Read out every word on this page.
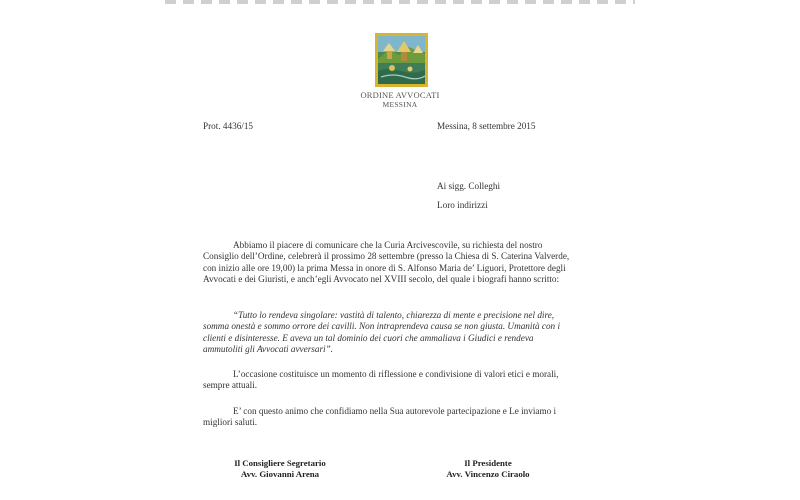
ORDINE AVVOCATI
MESSINA
Prot. 4436/15	Messina, 8 settembre 2015
Ai sigg. Colleghi
Loro indirizzi
Abbiamo il piacere di comunicare che la Curia Arcivescovile, su richiesta del nostro
Consiglio dell’Ordine, celebrerà il prossimo 28 settembre (presso la Chiesa di S. Caterina Valverde,
con inizio alle ore 19,00) la prima Messa in onore di S. Alfonso Maria de’ Liguori, Protettore degli
Avvocati e dei Giuristi, e anch’egli Avvocato nel XVIII secolo, del quale i biografi hanno scritto:
“Tutto lo rendeva singolare: vastità di talento, chiarezza di mente e precisione nel dire,
somma onestà e sommo orrore dei cavilli. Non intraprendeva causa se non giusta. Umanità con i
clienti e disinteresse. E aveva un tal dominio dei cuori che ammaliava i Giudici e rendeva
ammutoliti gli Avvocati avversari”.
L’occasione costituisce un momento di riflessione e condivisione di valori etici e morali,
sempre attuali.
E’ con questo animo che confidiamo nella Sua autorevole partecipazione e Le inviamo i
migliori saluti.
Il Consigliere Segretario
Avv. Giovanni Arena
Il Presidente
Avv. Vincenzo Ciraolo
